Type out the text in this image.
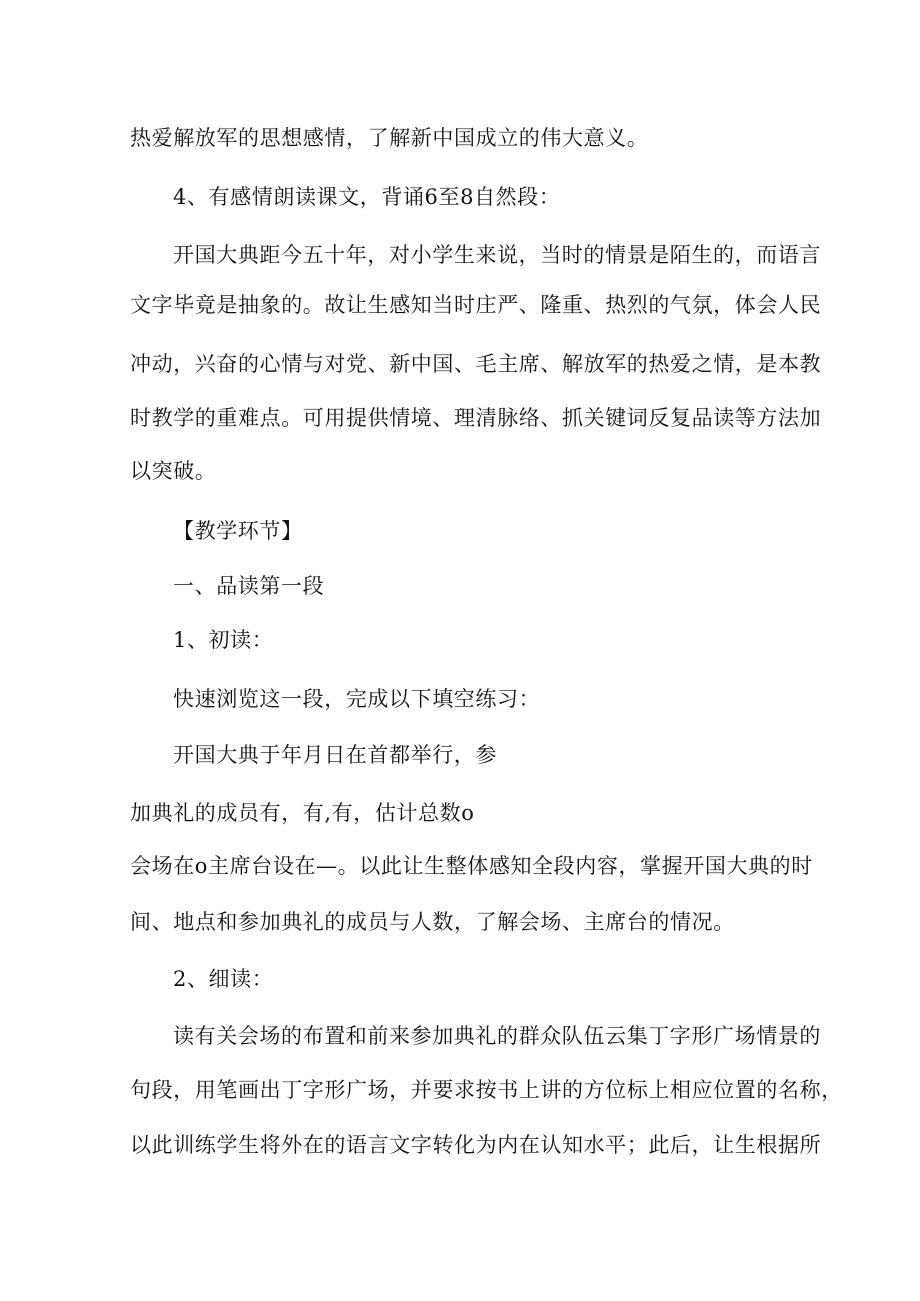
热爱解放军的思想感情，了解新中国成立的伟大意义。
4、有感情朗读课文，背诵6至8自然段：
开国大典距今五十年，对小学生来说，当时的情景是陌生的，而语言
文字毕竟是抽象的。故让生感知当时庄严、隆重、热烈的气氛，体会人民
冲动，兴奋的心情与对党、新中国、毛主席、解放军的热爱之情，是本教
时教学的重难点。可用提供情境、理清脉络、抓关键词反复品读等方法加
以突破。
【教学环节】
一、品读第一段
1、初读：
快速浏览这一段，完成以下填空练习：
开国大典于年月日在首都举行，参
加典礼的成员有，有,有，估计总数o
会场在o主席台设在—。以此让生整体感知全段内容，掌握开国大典的时
间、地点和参加典礼的成员与人数，了解会场、主席台的情况。
2、细读：
读有关会场的布置和前来参加典礼的群众队伍云集丁字形广场情景的
句段，用笔画出丁字形广场，并要求按书上讲的方位标上相应位置的名称，
以此训练学生将外在的语言文字转化为内在认知水平；此后，让生根据所
